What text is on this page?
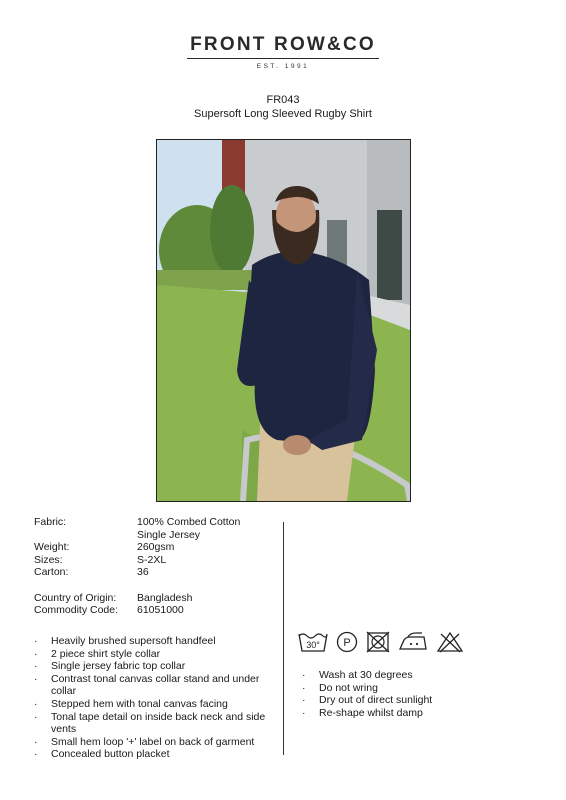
FRONT ROW&CO
EST. 1991
FR043
Supersoft Long Sleeved Rugby Shirt
Fabric:	100% Combed Cotton
Single Jersey
Weight:	260gsm
Sizes:	S-2XL
Carton:	36
Country of Origin:	Bangladesh
Commodity Code:	61051000
· Heavily brushed supersoft handfeel
· 2 piece shirt style collar
· Single jersey fabric top collar
· Contrast tonal canvas collar stand and under collar
· Stepped hem with tonal canvas facing
· Tonal tape detail on inside back neck and side vents
· Small hem loop '+' label on back of garment
· Concealed button placket
30° P
· Wash at 30 degrees
· Do not wring
· Dry out of direct sunlight
· Re-shape whilst damp
